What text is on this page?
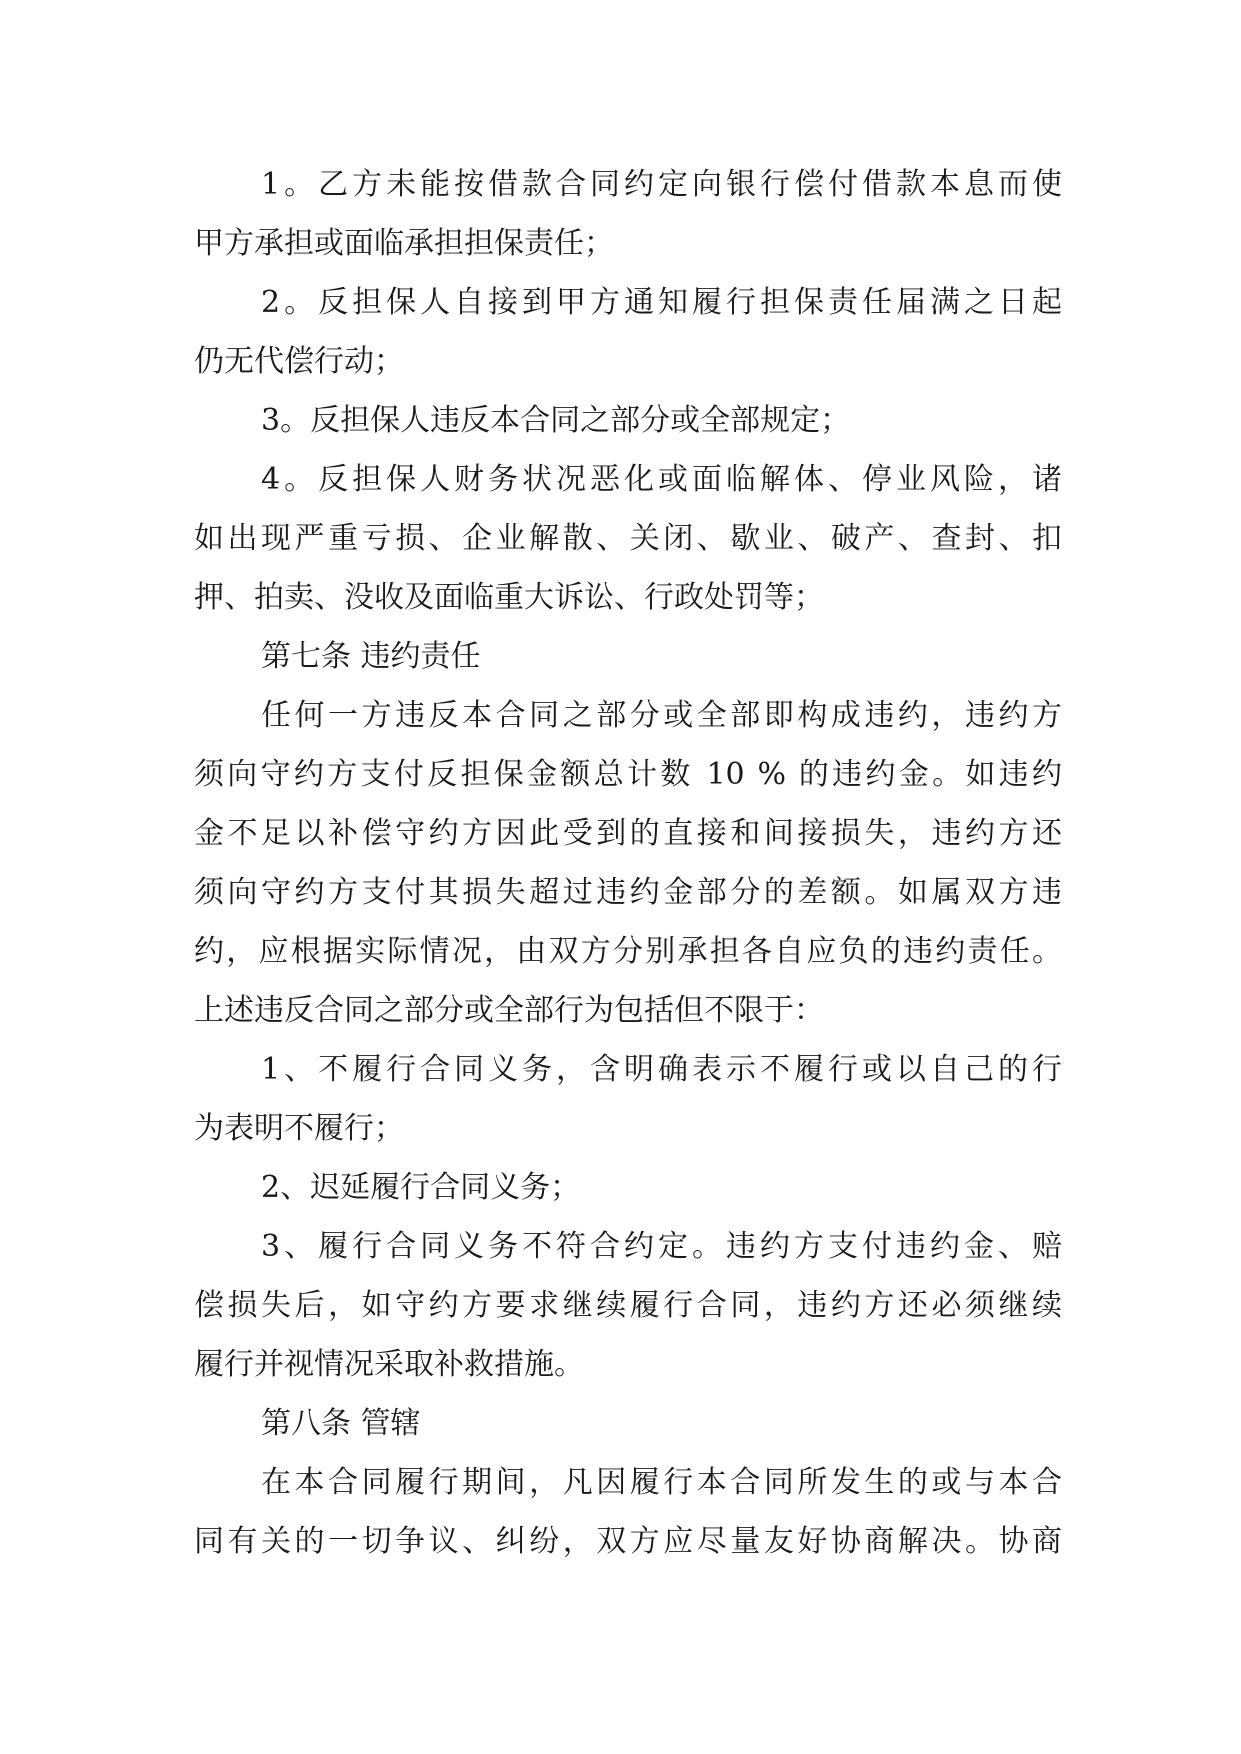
1。乙方未能按借款合同约定向银行偿付借款本息而使
甲方承担或面临承担担保责任；
2。反担保人自接到甲方通知履行担保责任届满之日起
仍无代偿行动；
3。反担保人违反本合同之部分或全部规定；
4。反担保人财务状况恶化或面临解体、停业风险，诸
如出现严重亏损、企业解散、关闭、歇业、破产、查封、扣
押、拍卖、没收及面临重大诉讼、行政处罚等；
第七条 违约责任
任何一方违反本合同之部分或全部即构成违约，违约方
须向守约方支付反担保金额总计数 10 % 的违约金。如违约
金不足以补偿守约方因此受到的直接和间接损失，违约方还
须向守约方支付其损失超过违约金部分的差额。如属双方违
约，应根据实际情况，由双方分别承担各自应负的违约责任。
上述违反合同之部分或全部行为包括但不限于：
1、不履行合同义务，含明确表示不履行或以自己的行
为表明不履行；
2、迟延履行合同义务；
3、履行合同义务不符合约定。违约方支付违约金、赔
偿损失后，如守约方要求继续履行合同，违约方还必须继续
履行并视情况采取补救措施。
第八条 管辖
在本合同履行期间，凡因履行本合同所发生的或与本合
同有关的一切争议、纠纷，双方应尽量友好协商解决。协商
